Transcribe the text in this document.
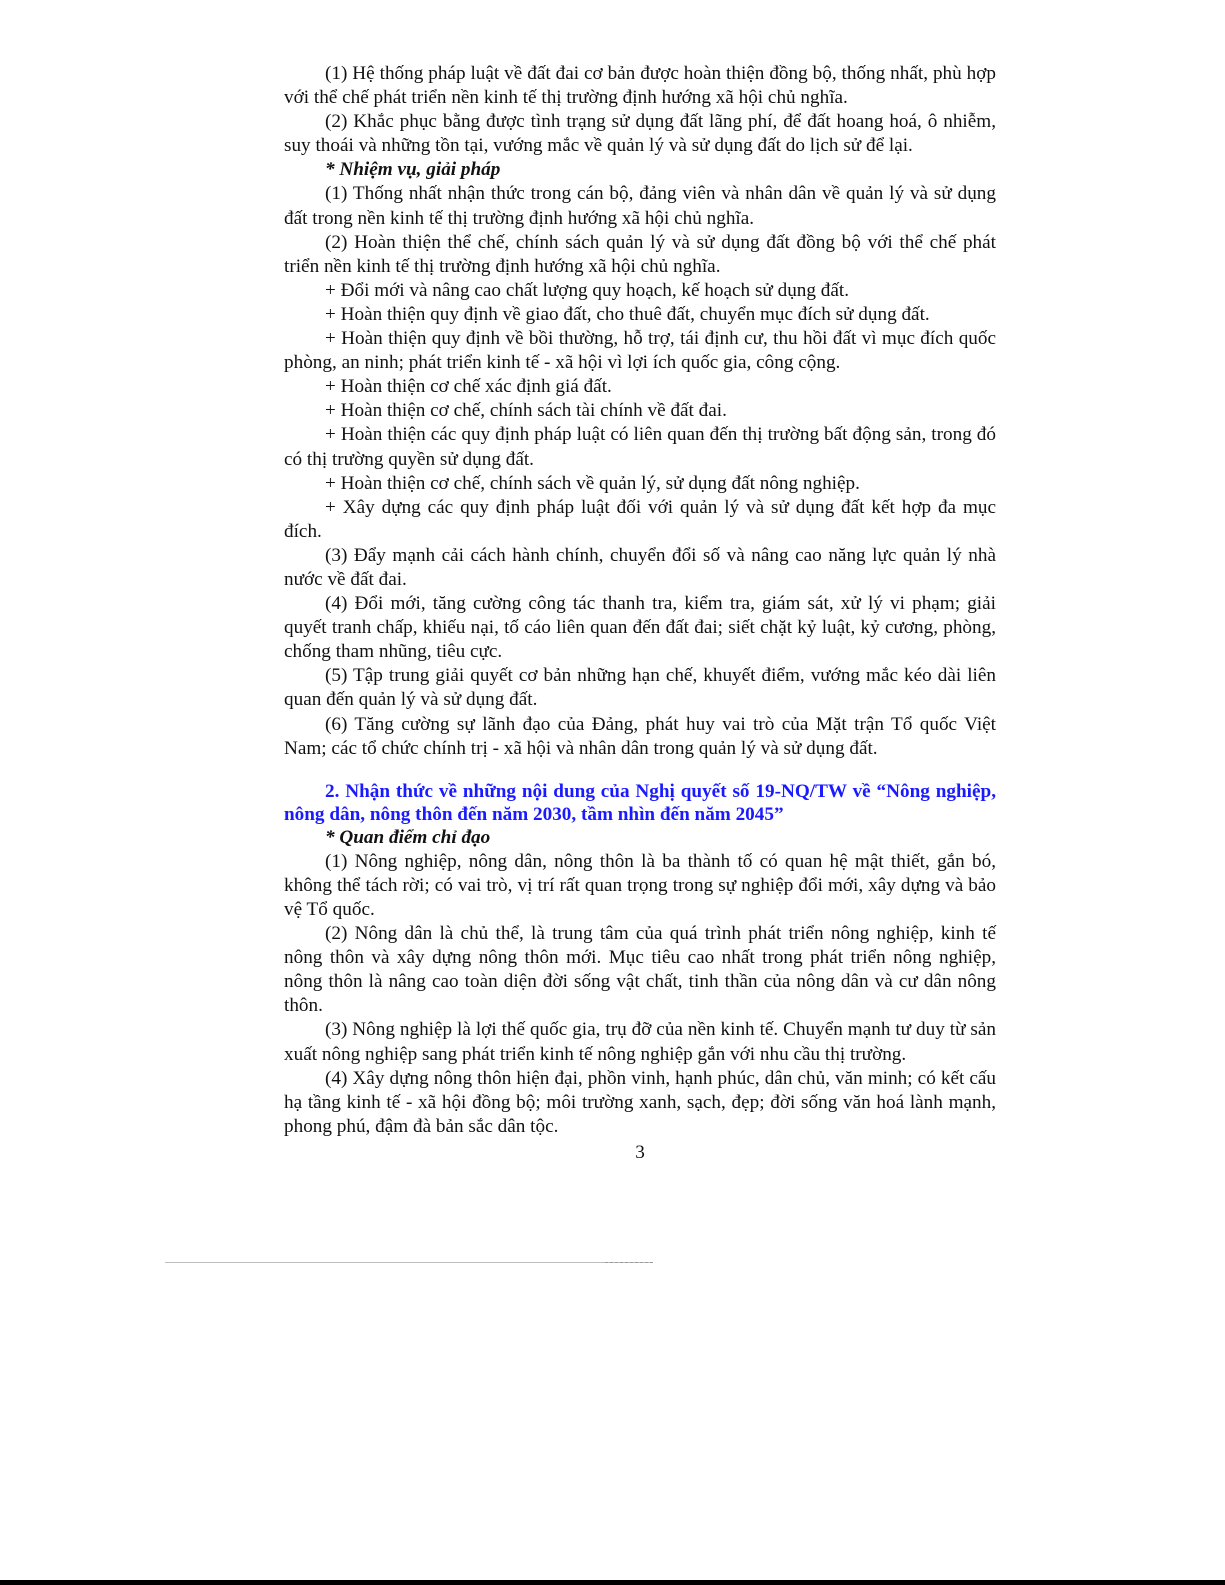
(1) Hệ thống pháp luật về đất đai cơ bản được hoàn thiện đồng bộ, thống nhất, phù hợp với thể chế phát triển nền kinh tế thị trường định hướng xã hội chủ nghĩa.

(2) Khắc phục bằng được tình trạng sử dụng đất lãng phí, để đất hoang hoá, ô nhiễm, suy thoái và những tồn tại, vướng mắc về quản lý và sử dụng đất do lịch sử để lại.

* Nhiệm vụ, giải pháp

(1) Thống nhất nhận thức trong cán bộ, đảng viên và nhân dân về quản lý và sử dụng đất trong nền kinh tế thị trường định hướng xã hội chủ nghĩa.

(2) Hoàn thiện thể chế, chính sách quản lý và sử dụng đất đồng bộ với thể chế phát triển nền kinh tế thị trường định hướng xã hội chủ nghĩa.

+ Đổi mới và nâng cao chất lượng quy hoạch, kế hoạch sử dụng đất.

+ Hoàn thiện quy định về giao đất, cho thuê đất, chuyển mục đích sử dụng đất.

+ Hoàn thiện quy định về bồi thường, hỗ trợ, tái định cư, thu hồi đất vì mục đích quốc phòng, an ninh; phát triển kinh tế - xã hội vì lợi ích quốc gia, công cộng.

+ Hoàn thiện cơ chế xác định giá đất.

+ Hoàn thiện cơ chế, chính sách tài chính về đất đai.

+ Hoàn thiện các quy định pháp luật có liên quan đến thị trường bất động sản, trong đó có thị trường quyền sử dụng đất.

+ Hoàn thiện cơ chế, chính sách về quản lý, sử dụng đất nông nghiệp.

+ Xây dựng các quy định pháp luật đối với quản lý và sử dụng đất kết hợp đa mục đích.

(3) Đẩy mạnh cải cách hành chính, chuyển đổi số và nâng cao năng lực quản lý nhà nước về đất đai.

(4) Đổi mới, tăng cường công tác thanh tra, kiểm tra, giám sát, xử lý vi phạm; giải quyết tranh chấp, khiếu nại, tố cáo liên quan đến đất đai; siết chặt kỷ luật, kỷ cương, phòng, chống tham nhũng, tiêu cực.

(5) Tập trung giải quyết cơ bản những hạn chế, khuyết điểm, vướng mắc kéo dài liên quan đến quản lý và sử dụng đất.

(6) Tăng cường sự lãnh đạo của Đảng, phát huy vai trò của Mặt trận Tổ quốc Việt Nam; các tổ chức chính trị - xã hội và nhân dân trong quản lý và sử dụng đất.

2. Nhận thức về những nội dung của Nghị quyết số 19-NQ/TW về “Nông nghiệp, nông dân, nông thôn đến năm 2030, tầm nhìn đến năm 2045”

* Quan điểm chỉ đạo

(1) Nông nghiệp, nông dân, nông thôn là ba thành tố có quan hệ mật thiết, gắn bó, không thể tách rời; có vai trò, vị trí rất quan trọng trong sự nghiệp đổi mới, xây dựng và bảo vệ Tổ quốc.

(2) Nông dân là chủ thể, là trung tâm của quá trình phát triển nông nghiệp, kinh tế nông thôn và xây dựng nông thôn mới. Mục tiêu cao nhất trong phát triển nông nghiệp, nông thôn là nâng cao toàn diện đời sống vật chất, tinh thần của nông dân và cư dân nông thôn.

(3) Nông nghiệp là lợi thế quốc gia, trụ đỡ của nền kinh tế. Chuyển mạnh tư duy từ sản xuất nông nghiệp sang phát triển kinh tế nông nghiệp gắn với nhu cầu thị trường.

(4) Xây dựng nông thôn hiện đại, phồn vinh, hạnh phúc, dân chủ, văn minh; có kết cấu hạ tầng kinh tế - xã hội đồng bộ; môi trường xanh, sạch, đẹp; đời sống văn hoá lành mạnh, phong phú, đậm đà bản sắc dân tộc.

3
